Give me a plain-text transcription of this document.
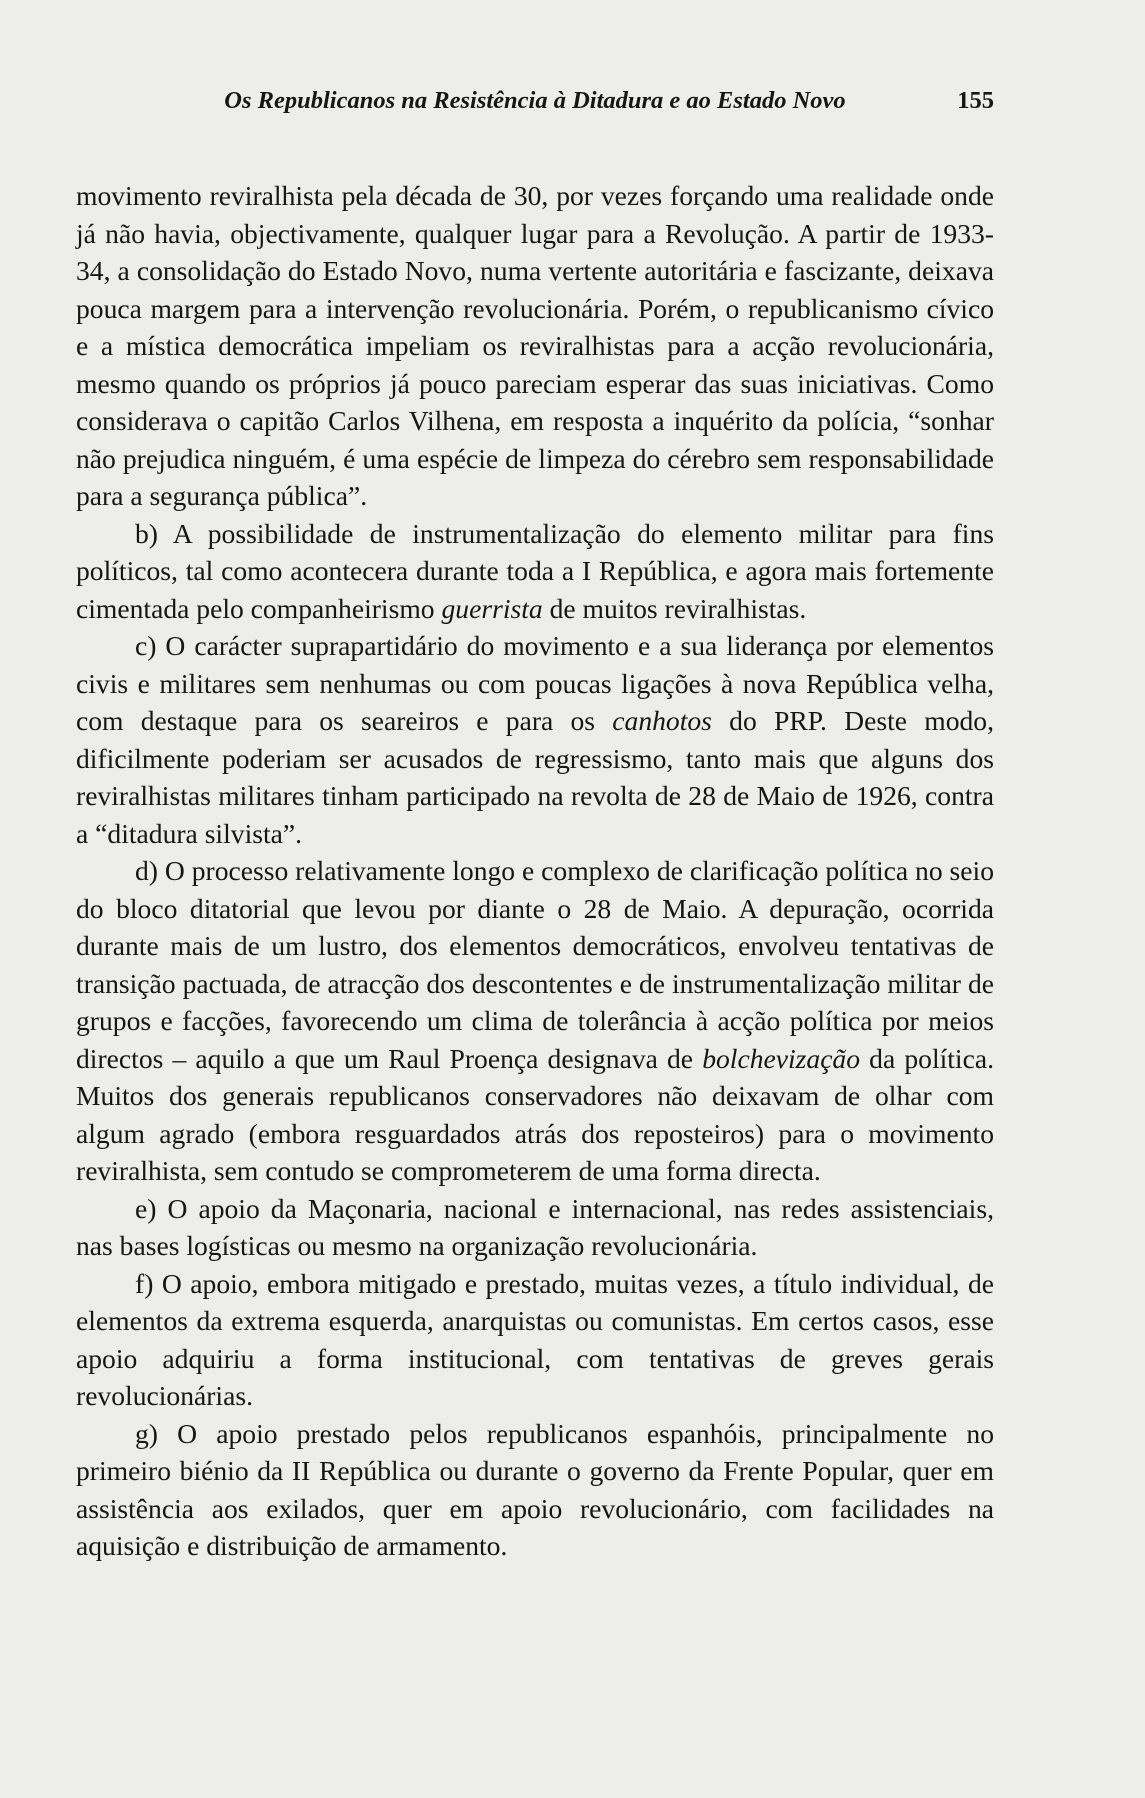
Os Republicanos na Resistência à Ditadura e ao Estado Novo	155

movimento reviralhista pela década de 30, por vezes forçando uma realidade onde já não havia, objectivamente, qualquer lugar para a Revolução. A partir de 1933-34, a consolidação do Estado Novo, numa vertente autoritária e fascizante, deixava pouca margem para a intervenção revolucionária. Porém, o republicanismo cívico e a mística democrática impeliam os reviralhistas para a acção revolucionária, mesmo quando os próprios já pouco pareciam esperar das suas iniciativas. Como considerava o capitão Carlos Vilhena, em resposta a inquérito da polícia, “sonhar não prejudica ninguém, é uma espécie de limpeza do cérebro sem responsabilidade para a segurança pública”.

b) A possibilidade de instrumentalização do elemento militar para fins políticos, tal como acontecera durante toda a I República, e agora mais fortemente cimentada pelo companheirismo guerrista de muitos reviralhistas.

c) O carácter suprapartidário do movimento e a sua liderança por elementos civis e militares sem nenhumas ou com poucas ligações à nova República velha, com destaque para os seareiros e para os canhotos do PRP. Deste modo, dificilmente poderiam ser acusados de regressismo, tanto mais que alguns dos reviralhistas militares tinham participado na revolta de 28 de Maio de 1926, contra a “ditadura silvista”.

d) O processo relativamente longo e complexo de clarificação política no seio do bloco ditatorial que levou por diante o 28 de Maio. A depuração, ocorrida durante mais de um lustro, dos elementos democráticos, envolveu tentativas de transição pactuada, de atracção dos descontentes e de instrumentalização militar de grupos e facções, favorecendo um clima de tolerância à acção política por meios directos – aquilo a que um Raul Proença designava de bolchevização da política. Muitos dos generais republicanos conservadores não deixavam de olhar com algum agrado (embora resguardados atrás dos reposteiros) para o movimento reviralhista, sem contudo se comprometerem de uma forma directa.

e) O apoio da Maçonaria, nacional e internacional, nas redes assistenciais, nas bases logísticas ou mesmo na organização revolucionária.

f) O apoio, embora mitigado e prestado, muitas vezes, a título individual, de elementos da extrema esquerda, anarquistas ou comunistas. Em certos casos, esse apoio adquiriu a forma institucional, com tentativas de greves gerais revolucionárias.

g) O apoio prestado pelos republicanos espanhóis, principalmente no primeiro biénio da II República ou durante o governo da Frente Popular, quer em assistência aos exilados, quer em apoio revolucionário, com facilidades na aquisição e distribuição de armamento.
